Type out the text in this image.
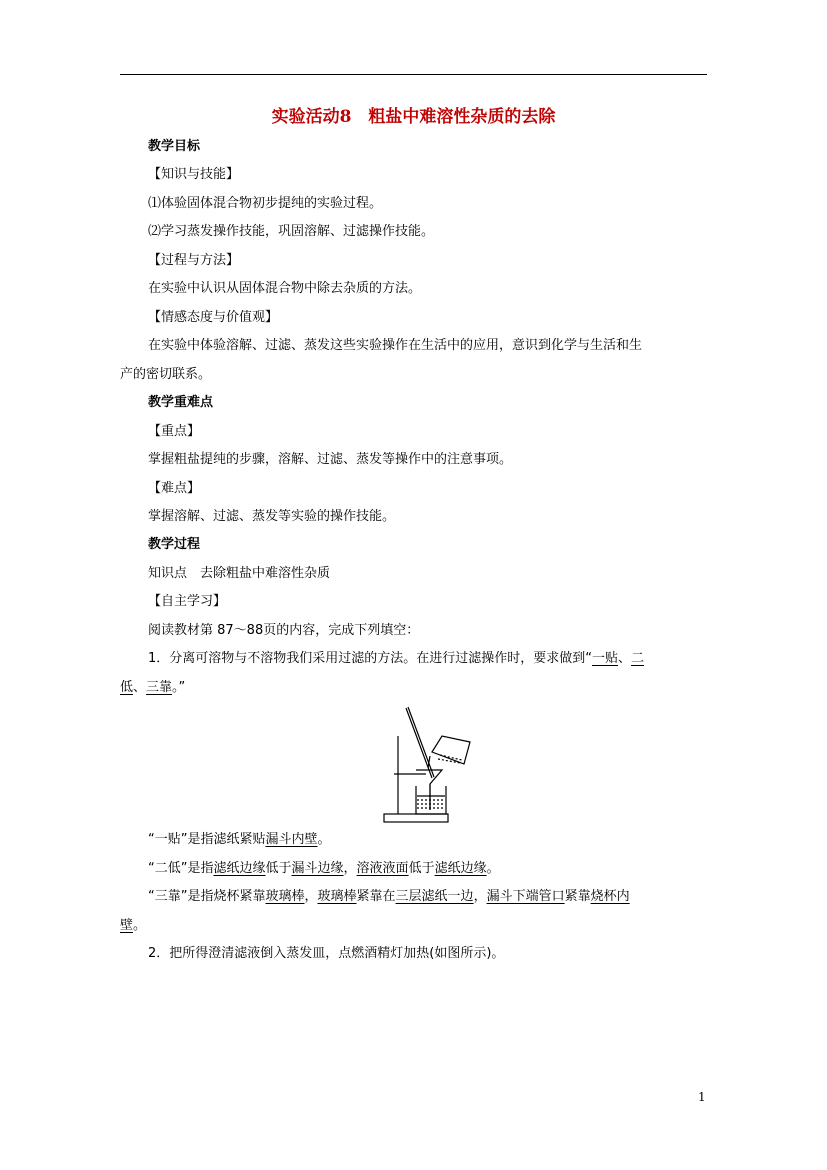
实验活动8　粗盐中难溶性杂质的去除
教学目标
【知识与技能】
⑴体验固体混合物初步提纯的实验过程。
⑵学习蒸发操作技能，巩固溶解、过滤操作技能。
【过程与方法】
在实验中认识从固体混合物中除去杂质的方法。
【情感态度与价值观】
在实验中体验溶解、过滤、蒸发这些实验操作在生活中的应用，意识到化学与生活和生
产的密切联系。
教学重难点
【重点】
掌握粗盐提纯的步骤，溶解、过滤、蒸发等操作中的注意事项。
【难点】
掌握溶解、过滤、蒸发等实验的操作技能。
教学过程
知识点　去除粗盐中难溶性杂质
【自主学习】
阅读教材第 87～88页的内容，完成下列填空：
1．分离可溶物与不溶物我们采用过滤的方法。在进行过滤操作时，要求做到“一贴、二
低、三靠。”
“一贴”是指滤纸紧贴漏斗内壁。
“二低”是指滤纸边缘低于漏斗边缘，溶液液面低于滤纸边缘。
“三靠”是指烧杯紧靠玻璃棒，玻璃棒紧靠在三层滤纸一边，漏斗下端管口紧靠烧杯内
壁。
2．把所得澄清滤液倒入蒸发皿，点燃酒精灯加热(如图所示)。
1
